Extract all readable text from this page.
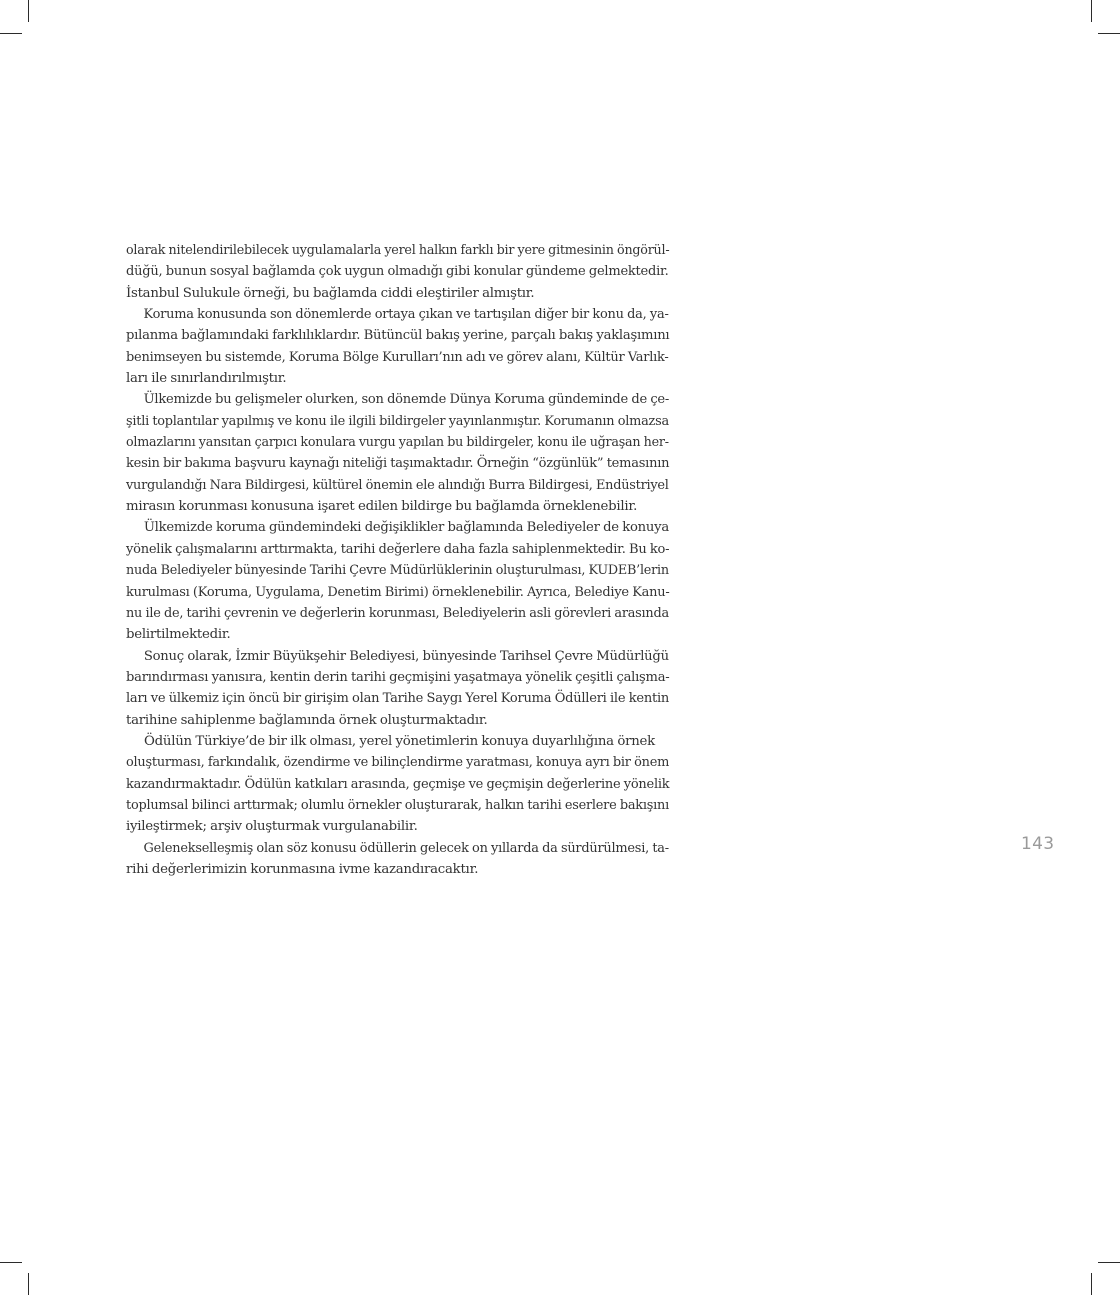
olarak nitelendirilebilecek uygulamalarla yerel halkın farklı bir yere gitmesinin öngörül-
düğü, bunun sosyal bağlamda çok uygun olmadığı gibi konular gündeme gelmektedir.
İstanbul Sulukule örneği, bu bağlamda ciddi eleştiriler almıştır.

Koruma konusunda son dönemlerde ortaya çıkan ve tartışılan diğer bir konu da, ya-
pılanma bağlamındaki farklılıklardır. Bütüncül bakış yerine, parçalı bakış yaklaşımını
benimseyen bu sistemde, Koruma Bölge Kurulları’nın adı ve görev alanı, Kültür Varlık-
ları ile sınırlandırılmıştır.

Ülkemizde bu gelişmeler olurken, son dönemde Dünya Koruma gündeminde de çe-
şitli toplantılar yapılmış ve konu ile ilgili bildirgeler yayınlanmıştır. Korumanın olmazsa
olmazlarını yansıtan çarpıcı konulara vurgu yapılan bu bildirgeler, konu ile uğraşan her-
kesin bir bakıma başvuru kaynağı niteliği taşımaktadır. Örneğin “özgünlük” temasının
vurgulandığı Nara Bildirgesi, kültürel önemin ele alındığı Burra Bildirgesi, Endüstriyel
mirasın korunması konusuna işaret edilen bildirge bu bağlamda örneklenebilir.

Ülkemizde koruma gündemindeki değişiklikler bağlamında Belediyeler de konuya
yönelik çalışmalarını arttırmakta, tarihi değerlere daha fazla sahiplenmektedir. Bu ko-
nuda Belediyeler bünyesinde Tarihi Çevre Müdürlüklerinin oluşturulması, KUDEB’lerin
kurulması (Koruma, Uygulama, Denetim Birimi) örneklenebilir. Ayrıca, Belediye Kanu-
nu ile de, tarihi çevrenin ve değerlerin korunması, Belediyelerin asli görevleri arasında
belirtilmektedir.

Sonuç olarak, İzmir Büyükşehir Belediyesi, bünyesinde Tarihsel Çevre Müdürlüğü
barındırması yanısıra, kentin derin tarihi geçmişini yaşatmaya yönelik çeşitli çalışma-
ları ve ülkemiz için öncü bir girişim olan Tarihe Saygı Yerel Koruma Ödülleri ile kentin
tarihine sahiplenme bağlamında örnek oluşturmaktadır.

Ödülün Türkiye’de bir ilk olması, yerel yönetimlerin konuya duyarlılığına örnek
oluşturması, farkındalık, özendirme ve bilinçlendirme yaratması, konuya ayrı bir önem
kazandırmaktadır. Ödülün katkıları arasında, geçmişe ve geçmişin değerlerine yönelik
toplumsal bilinci arttırmak; olumlu örnekler oluşturarak, halkın tarihi eserlere bakışını
iyileştirmek; arşiv oluşturmak vurgulanabilir.

Gelenekselleşmiş olan söz konusu ödüllerin gelecek on yıllarda da sürdürülmesi, ta-
rihi değerlerimizin korunmasına ivme kazandıracaktır.

143
